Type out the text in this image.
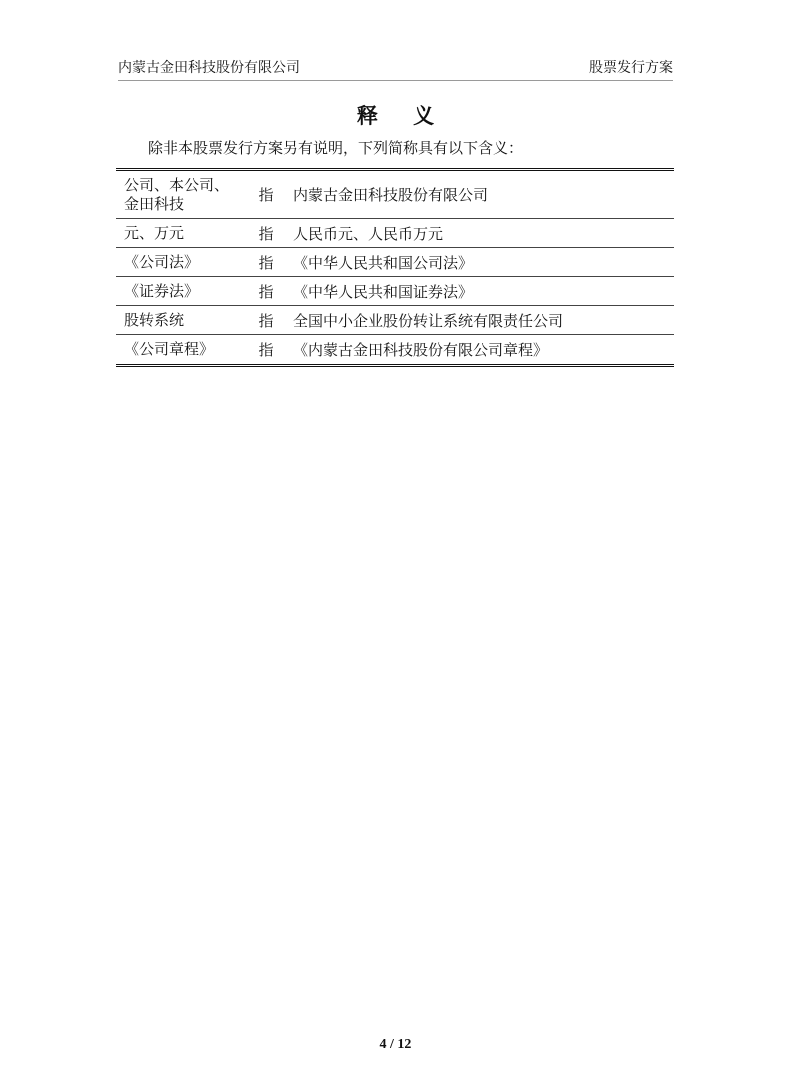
内蒙古金田科技股份有限公司	股票发行方案
释 义
除非本股票发行方案另有说明，下列简称具有以下含义：
公司、本公司、金田科技	指	内蒙古金田科技股份有限公司
元、万元	指	人民币元、人民币万元
《公司法》	指	《中华人民共和国公司法》
《证券法》	指	《中华人民共和国证券法》
股转系统	指	全国中小企业股份转让系统有限责任公司
《公司章程》	指	《内蒙古金田科技股份有限公司章程》
4 / 12
